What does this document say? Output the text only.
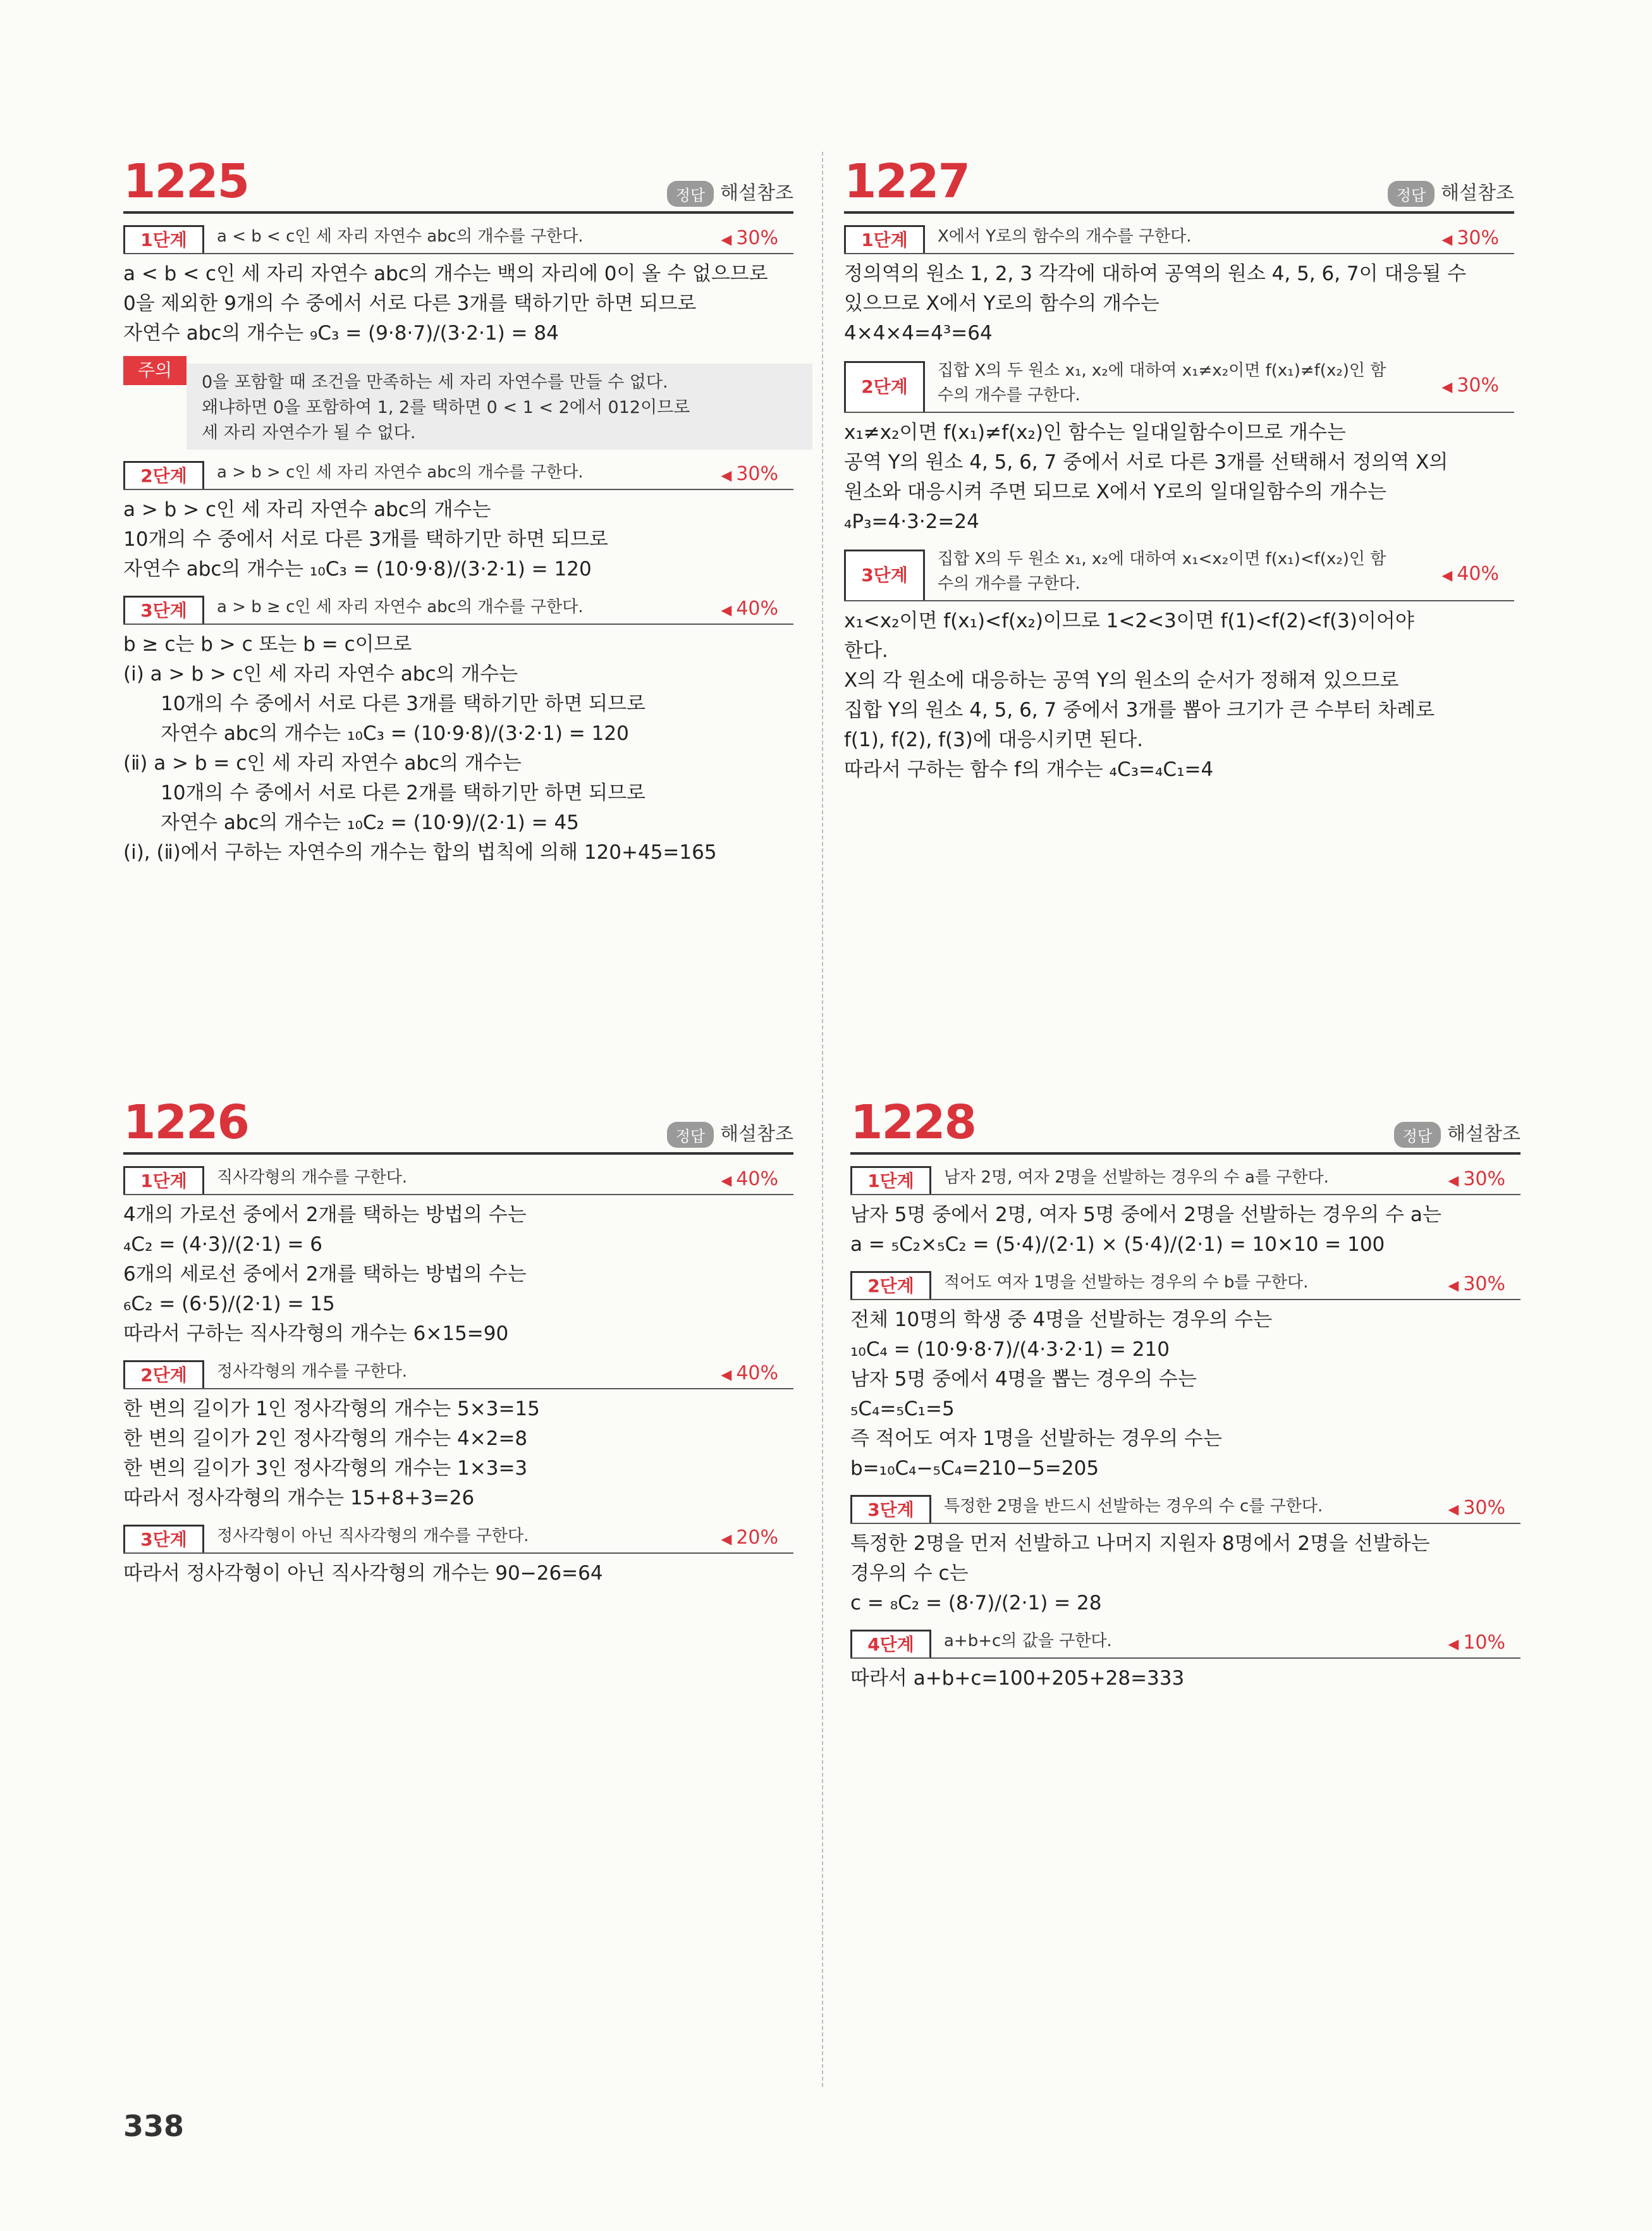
1225	정답 해설참조
1단계	a < b < c인 세 자리 자연수 abc의 개수를 구한다.	◀ 30%

a < b < c인 세 자리 자연수 abc의 개수는 백의 자리에 0이 올 수 없으므로

0을 제외한 9개의 수 중에서 서로 다른 3개를 택하기만 하면 되므로

자연수 abc의 개수는 ₉C₃ = (9·8·7)/(3·2·1) = 84

주의

0을 포함할 때 조건을 만족하는 세 자리 자연수를 만들 수 없다.

왜냐하면 0을 포함하여 1, 2를 택하면 0 < 1 < 2에서 012이므로

세 자리 자연수가 될 수 없다.

2단계	a > b > c인 세 자리 자연수 abc의 개수를 구한다.	◀ 30%

a > b > c인 세 자리 자연수 abc의 개수는

10개의 수 중에서 서로 다른 3개를 택하기만 하면 되므로

자연수 abc의 개수는 ₁₀C₃ = (10·9·8)/(3·2·1) = 120

3단계	a > b ≥ c인 세 자리 자연수 abc의 개수를 구한다.	◀ 40%

b ≥ c는 b > c 또는 b = c이므로

(ⅰ) a > b > c인 세 자리 자연수 abc의 개수는

10개의 수 중에서 서로 다른 3개를 택하기만 하면 되므로

자연수 abc의 개수는 ₁₀C₃ = (10·9·8)/(3·2·1) = 120

(ⅱ) a > b = c인 세 자리 자연수 abc의 개수는

10개의 수 중에서 서로 다른 2개를 택하기만 하면 되므로

자연수 abc의 개수는 ₁₀C₂ = (10·9)/(2·1) = 45

(ⅰ), (ⅱ)에서 구하는 자연수의 개수는 합의 법칙에 의해 120+45=165

1226	정답 해설참조
1단계	직사각형의 개수를 구한다.	◀ 40%

4개의 가로선 중에서 2개를 택하는 방법의 수는

₄C₂ = (4·3)/(2·1) = 6

6개의 세로선 중에서 2개를 택하는 방법의 수는

₆C₂ = (6·5)/(2·1) = 15

따라서 구하는 직사각형의 개수는 6×15=90

2단계	정사각형의 개수를 구한다.	◀ 40%

한 변의 길이가 1인 정사각형의 개수는 5×3=15

한 변의 길이가 2인 정사각형의 개수는 4×2=8

한 변의 길이가 3인 정사각형의 개수는 1×3=3

따라서 정사각형의 개수는 15+8+3=26

3단계	정사각형이 아닌 직사각형의 개수를 구한다.	◀ 20%

따라서 정사각형이 아닌 직사각형의 개수는 90−26=64

1227	정답 해설참조
1단계	X에서 Y로의 함수의 개수를 구한다.	◀ 30%

정의역의 원소 1, 2, 3 각각에 대하여 공역의 원소 4, 5, 6, 7이 대응될 수

있으므로 X에서 Y로의 함수의 개수는

4×4×4=4³=64

2단계
집합 X의 두 원소 x₁, x₂에 대하여 x₁≠x₂이면 f(x₁)≠f(x₂)인 함수의 개수를 구한다.	◀ 30%

x₁≠x₂이면 f(x₁)≠f(x₂)인 함수는 일대일함수이므로 개수는

공역 Y의 원소 4, 5, 6, 7 중에서 서로 다른 3개를 선택해서 정의역 X의

원소와 대응시켜 주면 되므로 X에서 Y로의 일대일함수의 개수는

₄P₃=4·3·2=24

3단계
집합 X의 두 원소 x₁, x₂에 대하여 x₁<x₂이면 f(x₁)<f(x₂)인 함수의 개수를 구한다.	◀ 40%

x₁<x₂이면 f(x₁)<f(x₂)이므로 1<2<3이면 f(1)<f(2)<f(3)이어야

한다.

X의 각 원소에 대응하는 공역 Y의 원소의 순서가 정해져 있으므로

집합 Y의 원소 4, 5, 6, 7 중에서 3개를 뽑아 크기가 큰 수부터 차례로

f(1), f(2), f(3)에 대응시키면 된다.

따라서 구하는 함수 f의 개수는 ₄C₃=₄C₁=4

1228	정답 해설참조
1단계	남자 2명, 여자 2명을 선발하는 경우의 수 a를 구한다.	◀ 30%

남자 5명 중에서 2명, 여자 5명 중에서 2명을 선발하는 경우의 수 a는

a = ₅C₂×₅C₂ = (5·4)/(2·1) × (5·4)/(2·1) = 10×10 = 100

2단계	적어도 여자 1명을 선발하는 경우의 수 b를 구한다.	◀ 30%

전체 10명의 학생 중 4명을 선발하는 경우의 수는

₁₀C₄ = (10·9·8·7)/(4·3·2·1) = 210

남자 5명 중에서 4명을 뽑는 경우의 수는

₅C₄=₅C₁=5

즉 적어도 여자 1명을 선발하는 경우의 수는

b=₁₀C₄−₅C₄=210−5=205

3단계	특정한 2명을 반드시 선발하는 경우의 수 c를 구한다.	◀ 30%

특정한 2명을 먼저 선발하고 나머지 지원자 8명에서 2명을 선발하는

경우의 수 c는

c = ₈C₂ = (8·7)/(2·1) = 28

4단계	a+b+c의 값을 구한다.	◀ 10%

따라서 a+b+c=100+205+28=333

338
